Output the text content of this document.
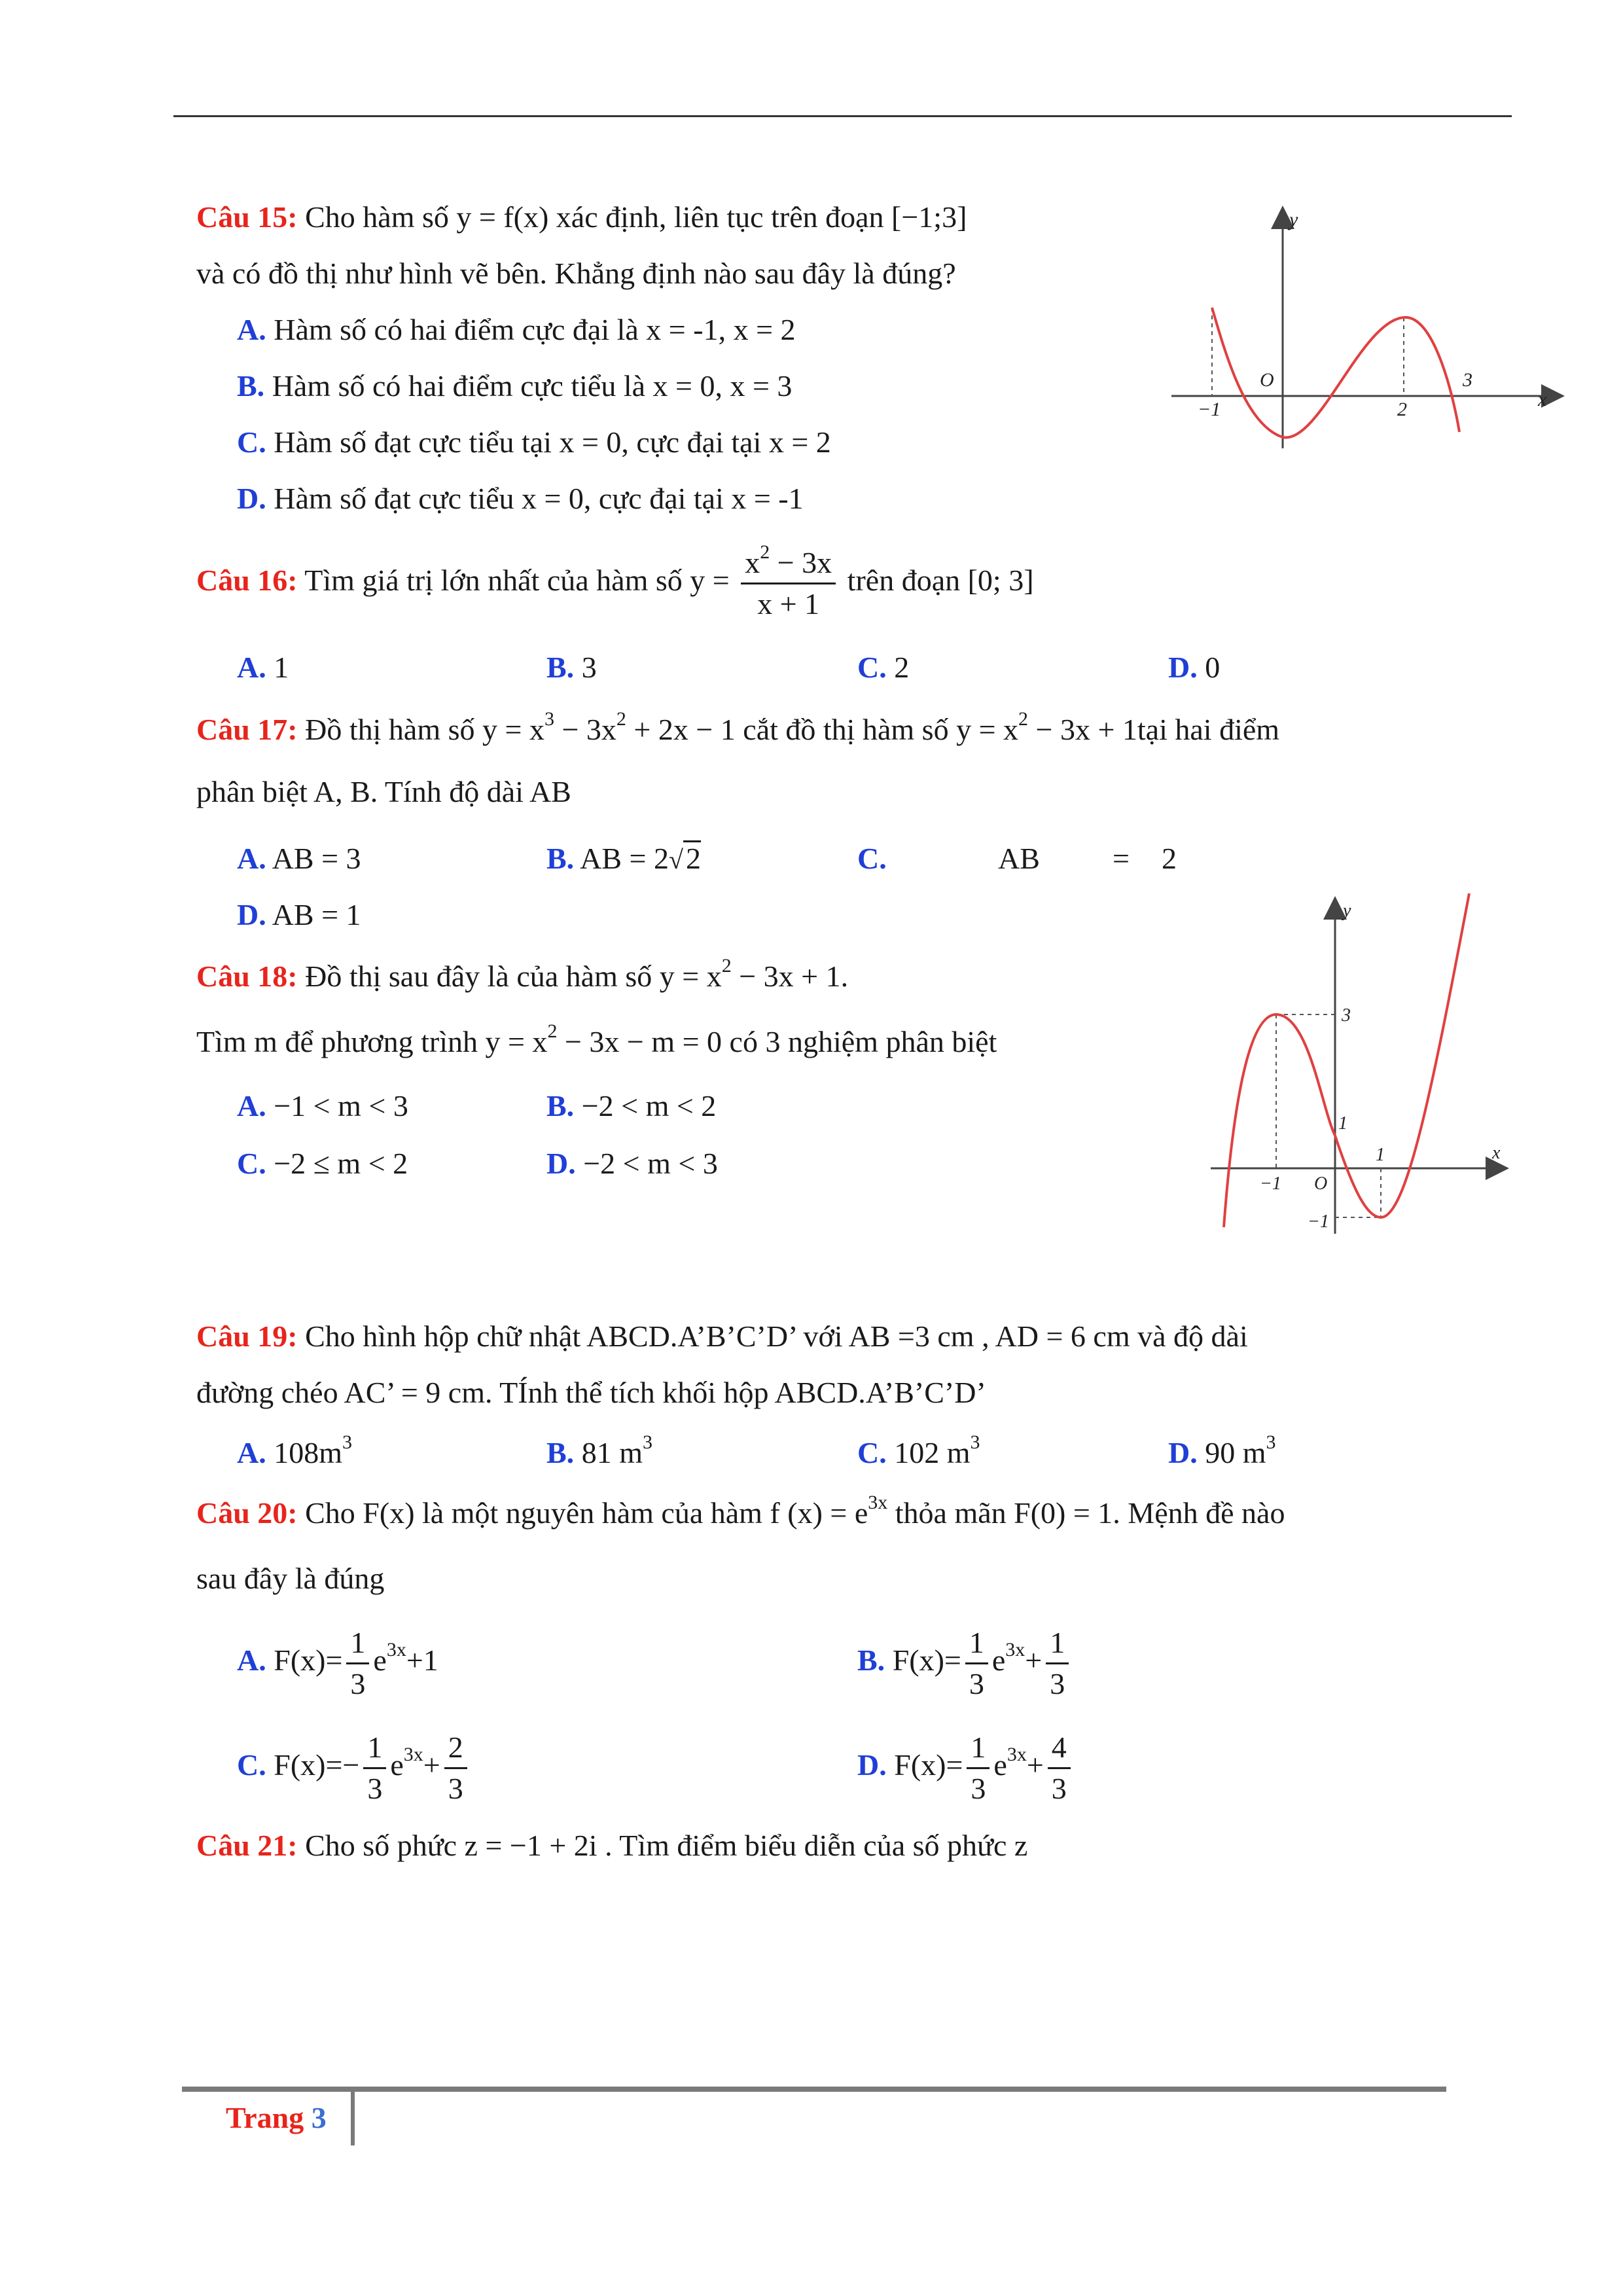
Câu 15: Cho hàm số y = f(x) xác định, liên tục trên đoạn [−1;3]
và có đồ thị như hình vẽ bên. Khẳng định nào sau đây là đúng?
A. Hàm số có hai điểm cực đại là x = -1, x = 2
B. Hàm số có hai điểm cực tiểu là x = 0, x = 3
C. Hàm số đạt cực tiểu tại x = 0, cực đại tại x = 2
D. Hàm số đạt cực tiểu x = 0, cực đại tại x = -1
y
x
O
−1	2
3
Câu 16: Tìm giá trị lớn nhất của hàm số $y = \frac{x^2 - 3x}{x + 1}$ trên đoạn [0; 3]
A. 1	B. 3	C. 2	D. 0
Câu 17: Đồ thị hàm số $y = x^3 - 3x^2 + 2x - 1$ cắt đồ thị hàm số $y = x^2 - 3x$ + 1tại hai điểm
phân biệt A, B. Tính độ dài AB
A. AB = 3	B. AB = 2√2	C.	AB = 2
D. AB = 1
Câu 18: Đồ thị sau đây là của hàm số $y = x^2 - 3x + 1$.
Tìm m để phương trình $y = x^2 - 3x - m = 0$ có 3 nghiệm phân biệt
A. −1 < m < 3	B. −2 < m < 2
C. −2 ≤ m < 2	D. −2 < m < 3
y
x
O
3
1
−1
−1
1
Câu 19: Cho hình hộp chữ nhật ABCD.A’B’C’D’ với AB =3 cm , AD = 6 cm và độ dài
đường chéo AC’ = 9 cm. TÍnh thể tích khối hộp ABCD.A’B’C’D’
A. $108m^3$	B. 81 $m^3$	C. 102 $m^3$	D. 90 $m^3$
Câu 20: Cho F(x) là một nguyên hàm của hàm f $(x) = e^{3x}$ thỏa mãn F(0) = 1. Mệnh đề nào
sau đây là đúng
A. $F(x)= \frac{1}{3} e^{3x}+1$	B. $F(x)= \frac{1}{3} e^{3x}+ \frac{1}{3}$
C. $F(x)=- \frac{1}{3} e^{3x}+ \frac{2}{3}$	D. $F(x)= \frac{1}{3} e^{3x}+ \frac{4}{3}$
Câu 21: Cho số phức z = −1 + 2i . Tìm điểm biểu diễn của số phức z
Trang 3
